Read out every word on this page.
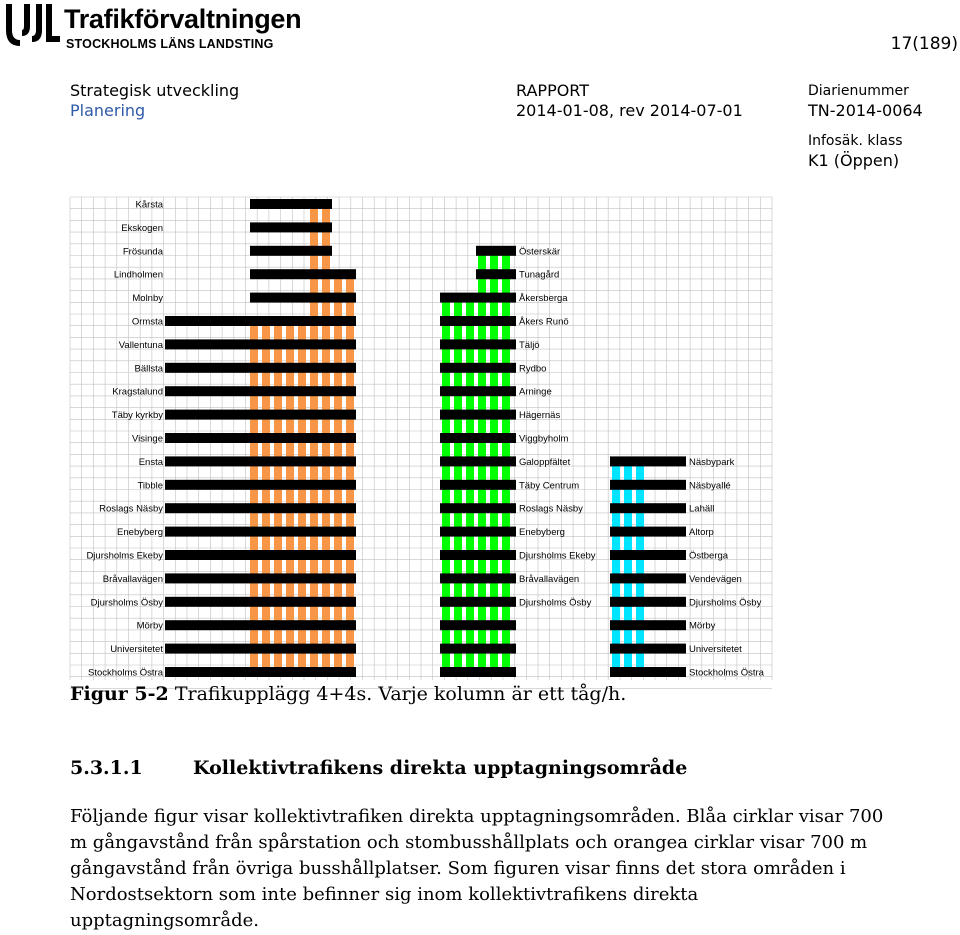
Trafikförvaltningen
STOCKHOLMS LÄNS LANDSTING	17(189)
Strategisk utveckling
Planering
RAPPORT
2014-01-08, rev 2014-07-01
Diarienummer
TN-2014-0064
Infosäk. klass
K1 (Öppen)
Kårsta
Ekskogen
Frösunda
Lindholmen
Molnby
Ormsta
Vallentuna
Bällsta
Kragstalund
Täby kyrkby
Visinge
Ensta
Tibble
Roslags Näsby
Enebyberg
Djursholms Ekeby
Bråvallavägen
Djursholms Ösby
Mörby
Universitetet
Stockholms Östra
Österskär
Tunagård
Åkersberga
Åkers Runö
Täljö
Rydbo
Arninge
Hägernäs
Viggbyholm
Galoppfältet
Täby Centrum
Roslags Näsby
Enebyberg
Djursholms Ekeby
Bråvallavägen
Djursholms Ösby
Näsbypark
Näsbyallé
Lahäll
Altorp
Östberga
Vendevägen
Djursholms Ösby
Mörby
Universitetet
Stockholms Östra
Figur 5-2 Trafikupplägg 4+4s. Varje kolumn är ett tåg/h.
5.3.1.1	Kollektivtrafikens direkta upptagningsområde
Följande figur visar kollektivtrafiken direkta upptagningsområden. Blåa cirklar visar 700 m gångavstånd från spårstation och stombusshållplats och orangea cirklar visar 700 m gångavstånd från övriga busshållplatser. Som figuren visar finns det stora områden i Nordostsektorn som inte befinner sig inom kollektivtrafikens direkta upptagningsområde.
